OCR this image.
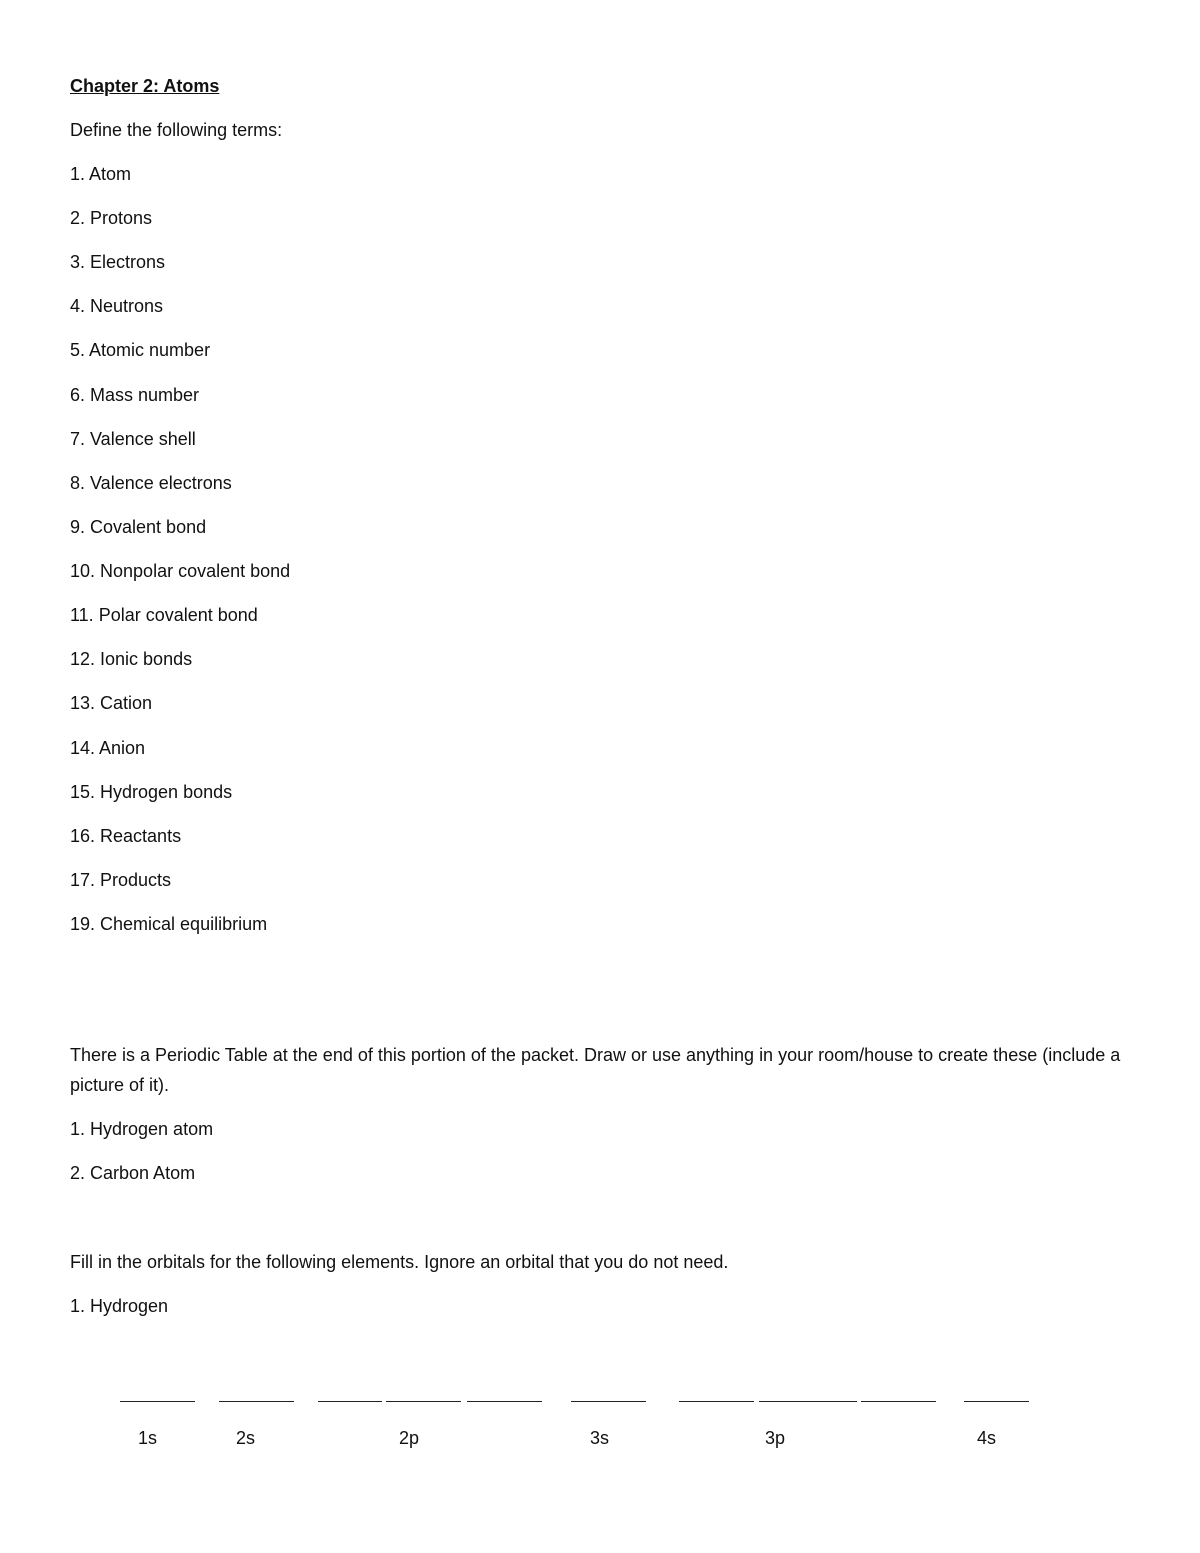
Chapter 2: Atoms
Define the following terms:
1. Atom
2. Protons
3. Electrons
4. Neutrons
5. Atomic number
6. Mass number
7. Valence shell
8. Valence electrons
9. Covalent bond
10. Nonpolar covalent bond
11. Polar covalent bond
12. Ionic bonds
13. Cation
14. Anion
15. Hydrogen bonds
16. Reactants
17. Products
19. Chemical equilibrium
There is a Periodic Table at the end of this portion of the packet. Draw or use anything in your room/house to create these (include a picture of it).
1. Hydrogen atom
2. Carbon Atom
Fill in the orbitals for the following elements. Ignore an orbital that you do not need.
1. Hydrogen
1s	2s	2p	3s	3p	4s
